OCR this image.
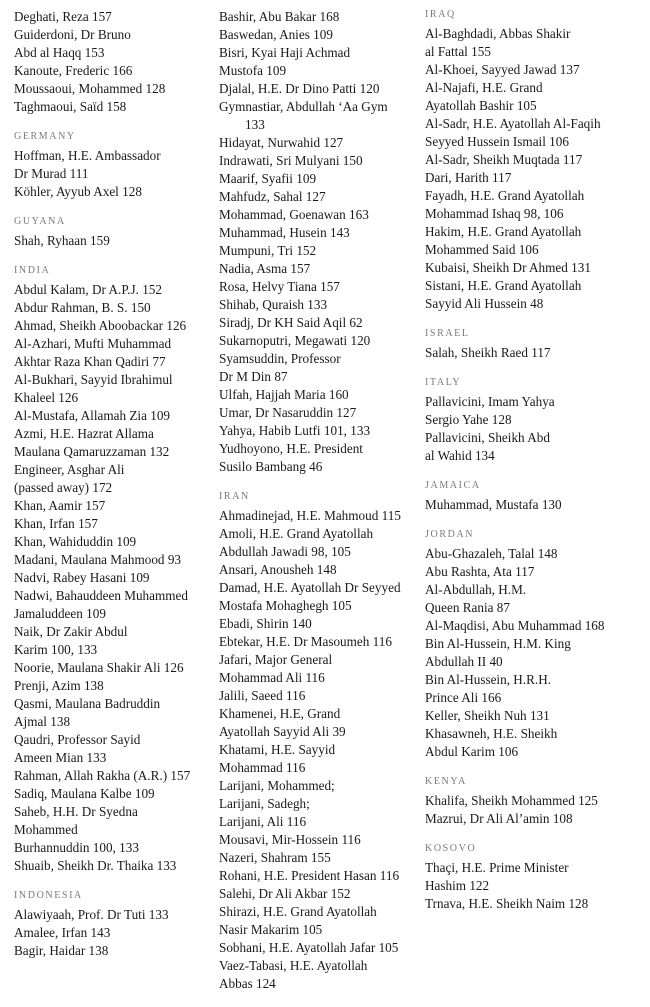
Deghati, Reza 157
Guiderdoni, Dr Bruno
Abd al Haqq 153
Kanoute, Frederic 166
Moussaoui, Mohammed 128
Taghmaoui, Saïd 158
GERMANY
Hoffman, H.E. Ambassador
Dr Murad 111
Köhler, Ayyub Axel 128
GUYANA
Shah, Ryhaan 159
INDIA
Abdul Kalam, Dr A.P.J. 152
Abdur Rahman, B. S. 150
Ahmad, Sheikh Aboobackar 126
Al-Azhari, Mufti Muhammad
Akhtar Raza Khan Qadiri 77
Al-Bukhari, Sayyid Ibrahimul
Khaleel 126
Al-Mustafa, Allamah Zia 109
Azmi, H.E. Hazrat Allama
Maulana Qamaruzzaman 132
Engineer, Asghar Ali
(passed away) 172
Khan, Aamir 157
Khan, Irfan 157
Khan, Wahiduddin 109
Madani, Maulana Mahmood 93
Nadvi, Rabey Hasani 109
Nadwi, Bahauddeen Muhammed
Jamaluddeen 109
Naik, Dr Zakir Abdul
Karim 100, 133
Noorie, Maulana Shakir Ali 126
Prenji, Azim 138
Qasmi, Maulana Badruddin
Ajmal 138
Qaudri, Professor Sayid
Ameen Mian 133
Rahman, Allah Rakha (A.R.) 157
Sadiq, Maulana Kalbe 109
Saheb, H.H. Dr Syedna
Mohammed
Burhannuddin 100, 133
Shuaib, Sheikh Dr. Thaika 133
INDONESIA
Alawiyaah, Prof. Dr Tuti 133
Amalee, Irfan 143
Bagir, Haidar 138
Bashir, Abu Bakar 168
Baswedan, Anies 109
Bisri, Kyai Haji Achmad
Mustofa 109
Djalal, H.E. Dr Dino Patti 120
Gymnastiar, Abdullah ‘Aa Gym 133
Hidayat, Nurwahid 127
Indrawati, Sri Mulyani 150
Maarif, Syafii 109
Mahfudz, Sahal 127
Mohammad, Goenawan 163
Muhammad, Husein 143
Mumpuni, Tri 152
Nadia, Asma 157
Rosa, Helvy Tiana 157
Shihab, Quraish 133
Siradj, Dr KH Said Aqil 62
Sukarnoputri, Megawati 120
Syamsuddin, Professor
Dr M Din 87
Ulfah, Hajjah Maria 160
Umar, Dr Nasaruddin 127
Yahya, Habib Lutfi 101, 133
Yudhoyono, H.E. President
Susilo Bambang 46
IRAN
Ahmadinejad, H.E. Mahmoud 115
Amoli, H.E. Grand Ayatollah
Abdullah Jawadi 98, 105
Ansari, Anousheh 148
Damad, H.E. Ayatollah Dr Seyyed
Mostafa Mohaghegh 105
Ebadi, Shirin 140
Ebtekar, H.E. Dr Masoumeh 116
Jafari, Major General
Mohammad Ali 116
Jalili, Saeed 116
Khamenei, H.E, Grand
Ayatollah Sayyid Ali 39
Khatami, H.E. Sayyid
Mohammad 116
Larijani, Mohammed;
Larijani, Sadegh;
Larijani, Ali 116
Mousavi, Mir-Hossein 116
Nazeri, Shahram 155
Rohani, H.E. President Hasan 116
Salehi, Dr Ali Akbar 152
Shirazi, H.E. Grand Ayatollah
Nasir Makarim 105
Sobhani, H.E. Ayatollah Jafar 105
Vaez-Tabasi, H.E. Ayatollah
Abbas 124
IRAQ
Al-Baghdadi, Abbas Shakir
al Fattal 155
Al-Khoei, Sayyed Jawad 137
Al-Najafi, H.E. Grand
Ayatollah Bashir 105
Al-Sadr, H.E. Ayatollah Al-Faqih
Seyyed Hussein Ismail 106
Al-Sadr, Sheikh Muqtada 117
Dari, Harith 117
Fayadh, H.E. Grand Ayatollah
Mohammad Ishaq 98, 106
Hakim, H.E. Grand Ayatollah
Mohammed Said 106
Kubaisi, Sheikh Dr Ahmed 131
Sistani, H.E. Grand Ayatollah
Sayyid Ali Hussein 48
ISRAEL
Salah, Sheikh Raed 117
ITALY
Pallavicini, Imam Yahya
Sergio Yahe 128
Pallavicini, Sheikh Abd
al Wahid 134
JAMAICA
Muhammad, Mustafa 130
JORDAN
Abu-Ghazaleh, Talal 148
Abu Rashta, Ata 117
Al-Abdullah, H.M.
Queen Rania 87
Al-Maqdisi, Abu Muhammad 168
Bin Al-Hussein, H.M. King
Abdullah II 40
Bin Al-Hussein, H.R.H.
Prince Ali 166
Keller, Sheikh Nuh 131
Khasawneh, H.E. Sheikh
Abdul Karim 106
KENYA
Khalifa, Sheikh Mohammed 125
Mazrui, Dr Ali Al’amin 108
KOSOVO
Thaçi, H.E. Prime Minister
Hashim 122
Trnava, H.E. Sheikh Naim 128
